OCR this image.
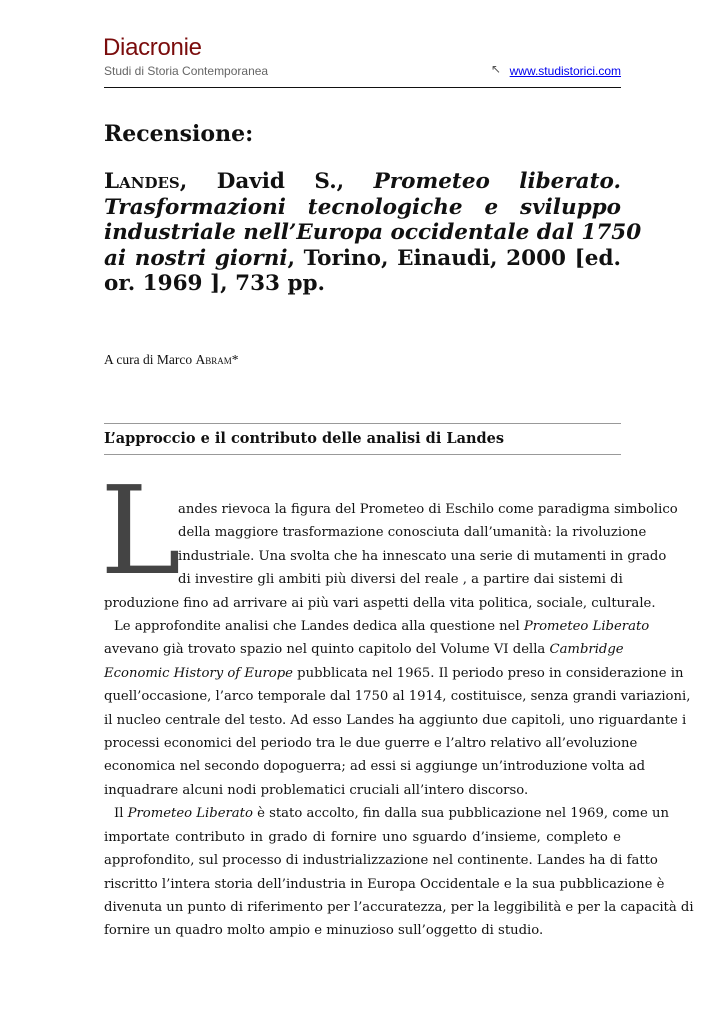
Diacronie
Studi di Storia Contemporanea	↖ www.studistorici.com
Recensione:
Landes, David S., Prometeo liberato.
Trasformazioni tecnologiche e sviluppo
industriale nell’Europa occidentale dal 1750
ai nostri giorni, Torino, Einaudi, 2000 [ed.
or. 1969 ], 733 pp.
A cura di Marco Abram*
L’approccio e il contributo delle analisi di Landes
L
andes rievoca la figura del Prometeo di Eschilo come paradigma simbolico
della maggiore trasformazione conosciuta dall’umanità: la rivoluzione
industriale. Una svolta che ha innescato una serie di mutamenti in grado
di investire gli ambiti più diversi del reale , a partire dai sistemi di
produzione fino ad arrivare ai più vari aspetti della vita politica, sociale, culturale.
Le approfondite analisi che Landes dedica alla questione nel Prometeo Liberato
avevano già trovato spazio nel quinto capitolo del Volume VI della Cambridge
Economic History of Europe pubblicata nel 1965. Il periodo preso in considerazione in
quell’occasione, l’arco temporale dal 1750 al 1914, costituisce, senza grandi variazioni,
il nucleo centrale del testo. Ad esso Landes ha aggiunto due capitoli, uno riguardante i
processi economici del periodo tra le due guerre e l’altro relativo all’evoluzione
economica nel secondo dopoguerra; ad essi si aggiunge un’introduzione volta ad
inquadrare alcuni nodi problematici cruciali all’intero discorso.
Il Prometeo Liberato è stato accolto, fin dalla sua pubblicazione nel 1969, come un
importate contributo in grado di fornire uno sguardo d’insieme, completo e
approfondito, sul processo di industrializzazione nel continente. Landes ha di fatto
riscritto l’intera storia dell’industria in Europa Occidentale e la sua pubblicazione è
divenuta un punto di riferimento per l’accuratezza, per la leggibilità e per la capacità di
fornire un quadro molto ampio e minuzioso sull’oggetto di studio.
